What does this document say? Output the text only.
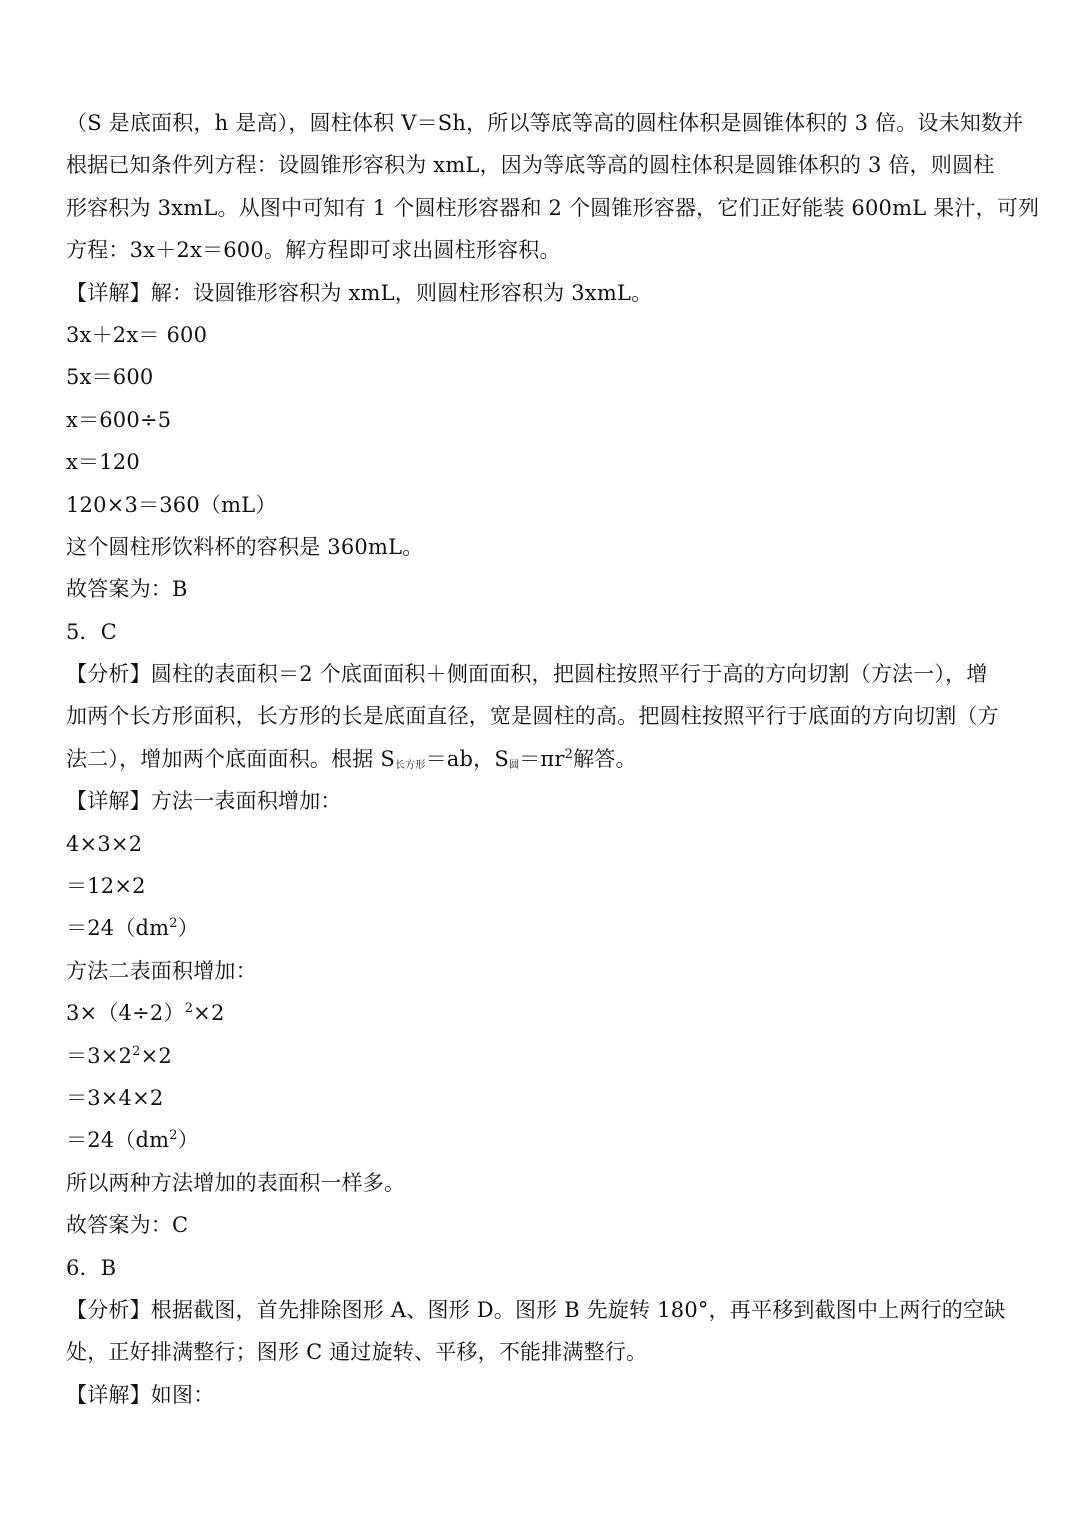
（S 是底面积，h 是高），圆柱体积 V＝Sh，所以等底等高的圆柱体积是圆锥体积的 3 倍。设未知数并
根据已知条件列方程：设圆锥形容积为 xmL，因为等底等高的圆柱体积是圆锥体积的 3 倍，则圆柱
形容积为 3xmL。从图中可知有 1 个圆柱形容器和 2 个圆锥形容器，它们正好能装 600mL 果汁，可列
方程：3x＋2x＝600。解方程即可求出圆柱形容积。
【详解】解：设圆锥形容积为 xmL，则圆柱形容积为 3xmL。
3x＋2x＝ 600
5x＝600
x＝600÷5
x＝120
120×3＝360（mL）
这个圆柱形饮料杯的容积是 360mL。
故答案为：B
5．C
【分析】圆柱的表面积＝2 个底面面积＋侧面面积，把圆柱按照平行于高的方向切割（方法一），增
加两个长方形面积，长方形的长是底面直径，宽是圆柱的高。把圆柱按照平行于底面的方向切割（方
法二），增加两个底面面积。根据 $S_{长方形}=ab$，$S_圆=\pi r^2$解答。
【详解】方法一表面积增加：
4×3×2
＝12×2
$=24(dm^2)$
方法二表面积增加：
$3\times(4\div 2)^2\times 2$
$=3\times 2^2\times 2$
＝3×4×2
$=24(dm^2)$
所以两种方法增加的表面积一样多。
故答案为：C
6．B
【分析】根据截图，首先排除图形 A、图形 D。图形 B 先旋转 180°，再平移到截图中上两行的空缺
处，正好排满整行；图形 C 通过旋转、平移，不能排满整行。
【详解】如图：
